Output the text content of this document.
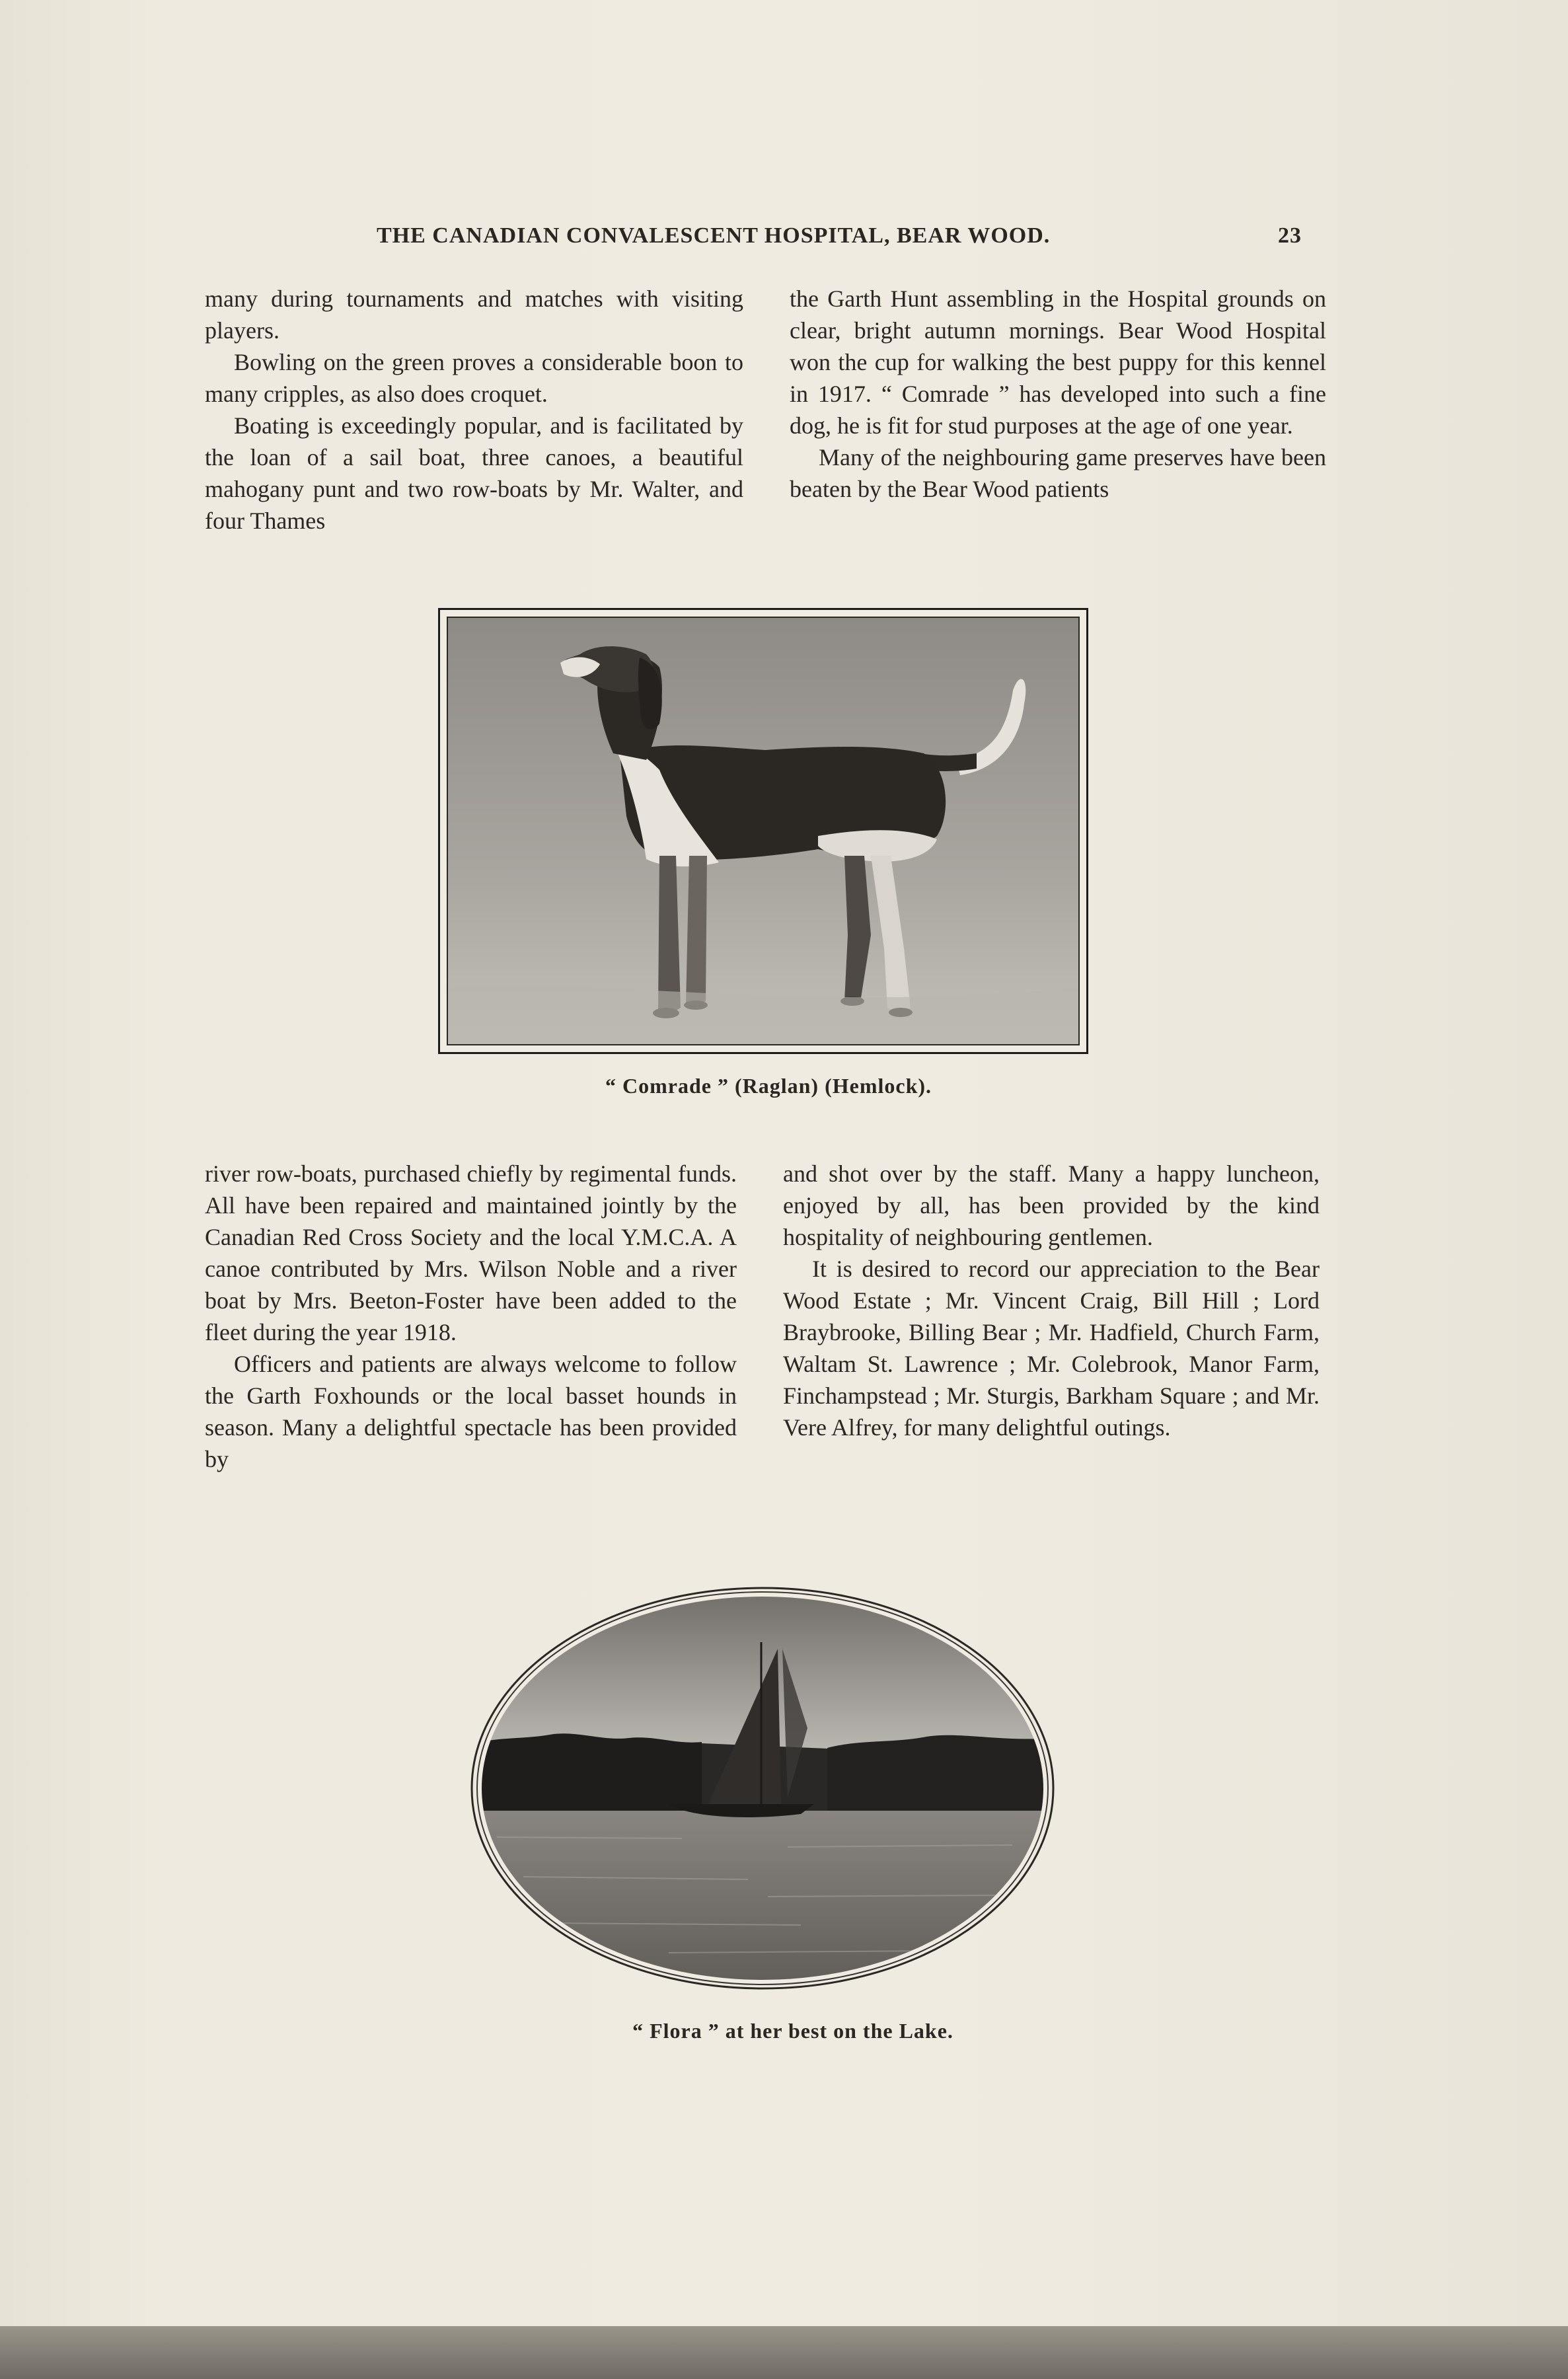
THE CANADIAN CONVALESCENT HOSPITAL, BEAR WOOD.	23

many during tournaments and matches with visiting players.

Bowling on the green proves a considerable boon to many cripples, as also does croquet.

Boating is exceedingly popular, and is facilitated by the loan of a sail boat, three canoes, a beautiful mahogany punt and two row-boats by Mr. Walter, and four Thames

the Garth Hunt assembling in the Hospital grounds on clear, bright autumn mornings. Bear Wood Hospital won the cup for walking the best puppy for this kennel in 1917. “ Comrade ” has developed into such a fine dog, he is fit for stud purposes at the age of one year.

Many of the neighbouring game preserves have been beaten by the Bear Wood patients

“ Comrade ” (Raglan) (Hemlock).

river row-boats, purchased chiefly by regimental funds. All have been repaired and maintained jointly by the Canadian Red Cross Society and the local Y.M.C.A. A canoe contributed by Mrs. Wilson Noble and a river boat by Mrs. Beeton-Foster have been added to the fleet during the year 1918.

Officers and patients are always welcome to follow the Garth Foxhounds or the local basset hounds in season. Many a delightful spectacle has been provided by

and shot over by the staff. Many a happy luncheon, enjoyed by all, has been provided by the kind hospitality of neighbouring gentlemen.

It is desired to record our appreciation to the Bear Wood Estate ; Mr. Vincent Craig, Bill Hill ; Lord Braybrooke, Billing Bear ; Mr. Hadfield, Church Farm, Waltam St. Lawrence ; Mr. Colebrook, Manor Farm, Finchampstead ; Mr. Sturgis, Barkham Square ; and Mr. Vere Alfrey, for many delightful outings.

“ Flora ” at her best on the Lake.
